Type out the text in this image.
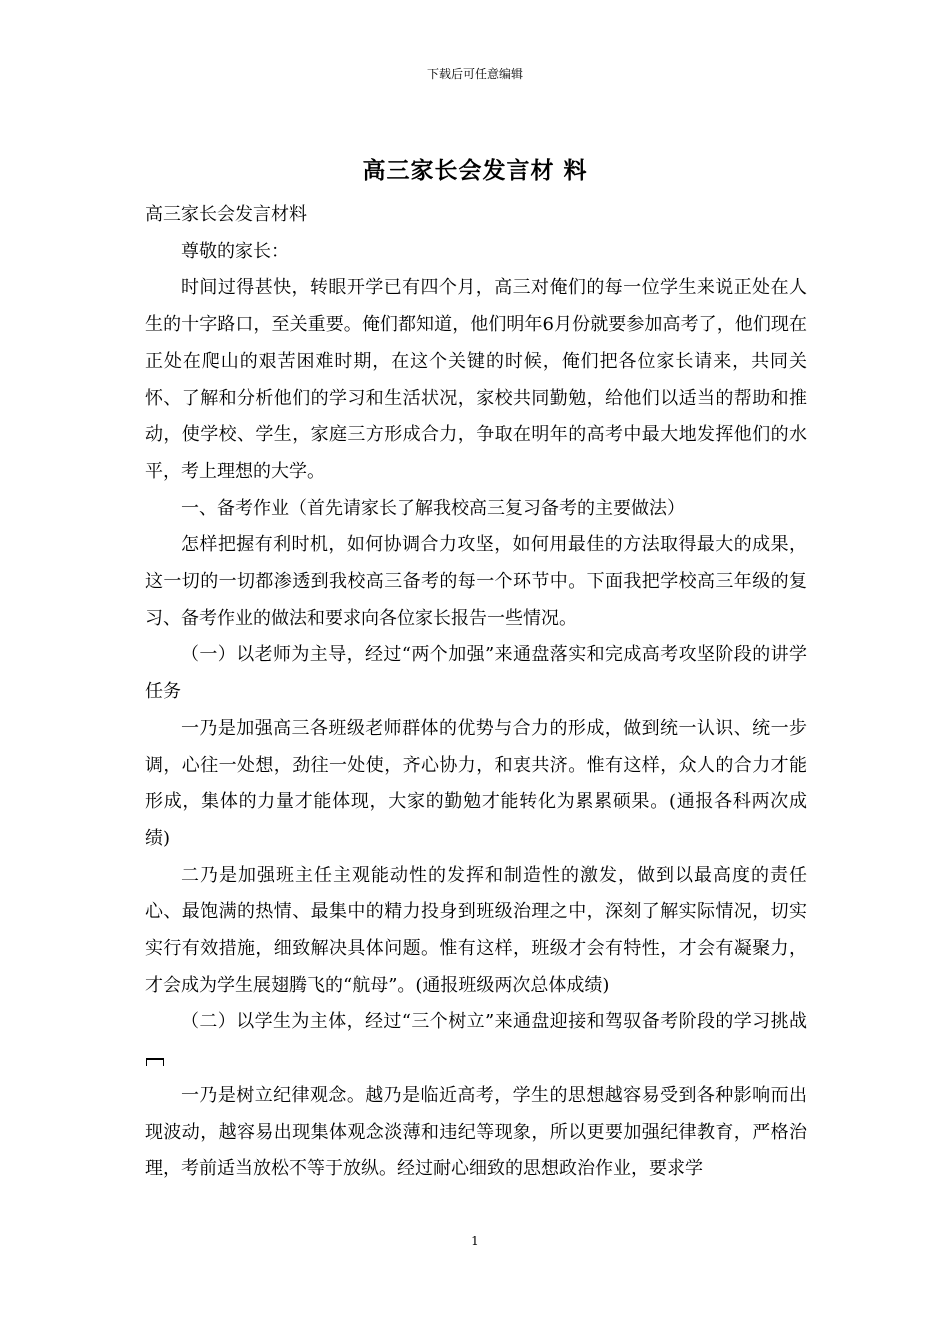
下载后可任意编辑
高三家长会发言材 料

高三家长会发言材料

尊敬的家长：

时间过得甚快，转眼开学已有四个月，高三对俺们的每一位学生来说正处在人生的十字路口，至关重要。俺们都知道，他们明年6月份就要参加高考了，他们现在正处在爬山的艰苦困难时期，在这个关键的时候，俺们把各位家长请来，共同关怀、了解和分析他们的学习和生活状况，家校共同勤勉，给他们以适当的帮助和推动，使学校、学生，家庭三方形成合力，争取在明年的高考中最大地发挥他们的水平，考上理想的大学。

一、备考作业（首先请家长了解我校高三复习备考的主要做法）

怎样把握有利时机，如何协调合力攻坚，如何用最佳的方法取得最大的成果，这一切的一切都渗透到我校高三备考的每一个环节中。下面我把学校高三年级的复习、备考作业的做法和要求向各位家长报告一些情况。

（一）以老师为主导，经过“两个加强”来通盘落实和完成高考攻坚阶段的讲学任务

一乃是加强高三各班级老师群体的优势与合力的形成，做到统一认识、统一步调，心往一处想，劲往一处使，齐心协力，和衷共济。惟有这样，众人的合力才能形成，集体的力量才能体现，大家的勤勉才能转化为累累硕果。(通报各科两次成绩)

二乃是加强班主任主观能动性的发挥和制造性的激发，做到以最高度的责任心、最饱满的热情、最集中的精力投身到班级治理之中，深刻了解实际情况，切实实行有效措施，细致解决具体问题。惟有这样，班级才会有特性，才会有凝聚力，才会成为学生展翅腾飞的“航母”。(通报班级两次总体成绩)

（二）以学生为主体，经过“三个树立”来通盘迎接和驾驭备考阶段的学习挑战

一乃是树立纪律观念。越乃是临近高考，学生的思想越容易受到各种影响而出现波动，越容易出现集体观念淡薄和违纪等现象，所以更要加强纪律教育，严格治理，考前适当放松不等于放纵。经过耐心细致的思想政治作业，要求学

1
